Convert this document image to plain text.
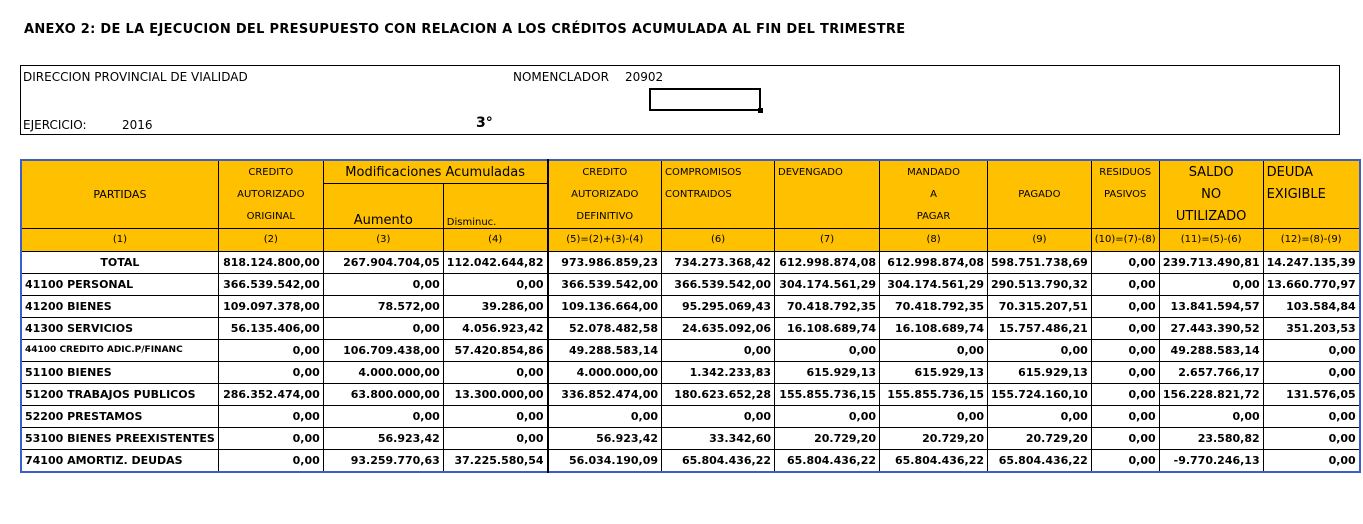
ANEXO 2: DE LA EJECUCION DEL PRESUPUESTO CON RELACION A LOS CRÉDITOS ACUMULADA AL FIN DEL TRIMESTRE
DIRECCION PROVINCIAL DE VIALIDAD	NOMENCLADOR 20902
EJERCICIO:	2016	3°
PARTIDAS	CREDITO	Modificaciones Acumuladas		CREDITO	COMPROMISOS	DEVENGADO	MANDADO	PAGADO	RESIDUOS	SALDO	DEUDA
	AUTORIZADO	Aumento	Disminuc.	AUTORIZADO	CONTRAIDOS		A		PASIVOS	NO	EXIGIBLE
	ORIGINAL			DEFINITIVO			PAGAR			UTILIZADO	
(1)	(2)	(3)	(4)	(5)=(2)+(3)-(4)	(6)	(7)	(8)	(9)	(10)=(7)-(8)	(11)=(5)-(6)	(12)=(8)-(9)
TOTAL	818.124.800,00	267.904.704,05	112.042.644,82	973.986.859,23	734.273.368,42	612.998.874,08	612.998.874,08	598.751.738,69	0,00	239.713.490,81	14.247.135,39
41100 PERSONAL	366.539.542,00	0,00	0,00	366.539.542,00	366.539.542,00	304.174.561,29	304.174.561,29	290.513.790,32	0,00	0,00	13.660.770,97
41200 BIENES	109.097.378,00	78.572,00	39.286,00	109.136.664,00	95.295.069,43	70.418.792,35	70.418.792,35	70.315.207,51	0,00	13.841.594,57	103.584,84
41300 SERVICIOS	56.135.406,00	0,00	4.056.923,42	52.078.482,58	24.635.092,06	16.108.689,74	16.108.689,74	15.757.486,21	0,00	27.443.390,52	351.203,53
44100 CREDITO ADIC.P/FINANC	0,00	106.709.438,00	57.420.854,86	49.288.583,14	0,00	0,00	0,00	0,00	0,00	49.288.583,14	0,00
51100 BIENES	0,00	4.000.000,00	0,00	4.000.000,00	1.342.233,83	615.929,13	615.929,13	615.929,13	0,00	2.657.766,17	0,00
51200 TRABAJOS PUBLICOS	286.352.474,00	63.800.000,00	13.300.000,00	336.852.474,00	180.623.652,28	155.855.736,15	155.855.736,15	155.724.160,10	0,00	156.228.821,72	131.576,05
52200 PRESTAMOS	0,00	0,00	0,00	0,00	0,00	0,00	0,00	0,00	0,00	0,00	0,00
53100 BIENES PREEXISTENTES	0,00	56.923,42	0,00	56.923,42	33.342,60	20.729,20	20.729,20	20.729,20	0,00	23.580,82	0,00
74100 AMORTIZ. DEUDAS	0,00	93.259.770,63	37.225.580,54	56.034.190,09	65.804.436,22	65.804.436,22	65.804.436,22	65.804.436,22	0,00	-9.770.246,13	0,00
